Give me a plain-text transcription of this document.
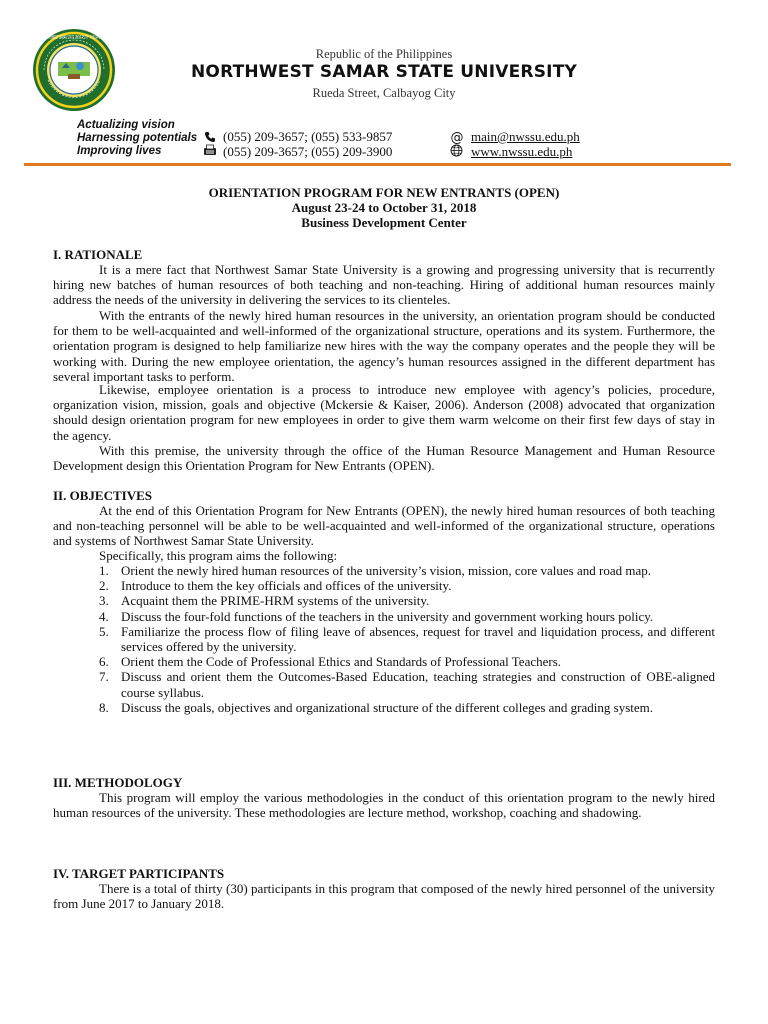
NORTHWEST SAMAR STATE UNIVERSITY · PHILIPPINES
Republic of the Philippines
NORTHWEST SAMAR STATE UNIVERSITY
Rueda Street, Calbayog City
Actualizing vision
Harnessing potentials
Improving lives
(055) 209-3657; (055) 533-9857
(055) 209-3657; (055) 209-3900
@ main@nwssu.edu.ph
www.nwssu.edu.ph
ORIENTATION PROGRAM FOR NEW ENTRANTS (OPEN)
August 23-24 to October 31, 2018
Business Development Center
I. RATIONALE

It is a mere fact that Northwest Samar State University is a growing and progressing university that is recurrently hiring new batches of human resources of both teaching and non-teaching. Hiring of additional human resources mainly address the needs of the university in delivering the services to its clienteles.

With the entrants of the newly hired human resources in the university, an orientation program should be conducted for them to be well-acquainted and well-informed of the organizational structure, operations and its system. Furthermore, the orientation program is designed to help familiarize new hires with the way the company operates and the people they will be working with. During the new employee orientation, the agency’s human resources assigned in the different department has several important tasks to perform.

Likewise, employee orientation is a process to introduce new employee with agency’s policies, procedure, organization vision, mission, goals and objective (Mckersie & Kaiser, 2006). Anderson (2008) advocated that organization should design orientation program for new employees in order to give them warm welcome on their first few days of stay in the agency.

With this premise, the university through the office of the Human Resource Management and Human Resource Development design this Orientation Program for New Entrants (OPEN).

II. OBJECTIVES

At the end of this Orientation Program for New Entrants (OPEN), the newly hired human resources of both teaching and non-teaching personnel will be able to be well-acquainted and well-informed of the organizational structure, operations and systems of Northwest Samar State University.

Specifically, this program aims the following:

1. Orient the newly hired human resources of the university’s vision, mission, core values and road map.
2. Introduce to them the key officials and offices of the university.
3. Acquaint them the PRIME-HRM systems of the university.
4. Discuss the four-fold functions of the teachers in the university and government working hours policy.
5. Familiarize the process flow of filing leave of absences, request for travel and liquidation process, and different services offered by the university.
6. Orient them the Code of Professional Ethics and Standards of Professional Teachers.
7. Discuss and orient them the Outcomes-Based Education, teaching strategies and construction of OBE-aligned course syllabus.
8. Discuss the goals, objectives and organizational structure of the different colleges and grading system.
III. METHODOLOGY

This program will employ the various methodologies in the conduct of this orientation program to the newly hired human resources of the university. These methodologies are lecture method, workshop, coaching and shadowing.

IV. TARGET PARTICIPANTS

There is a total of thirty (30) participants in this program that composed of the newly hired personnel of the university from June 2017 to January 2018.
